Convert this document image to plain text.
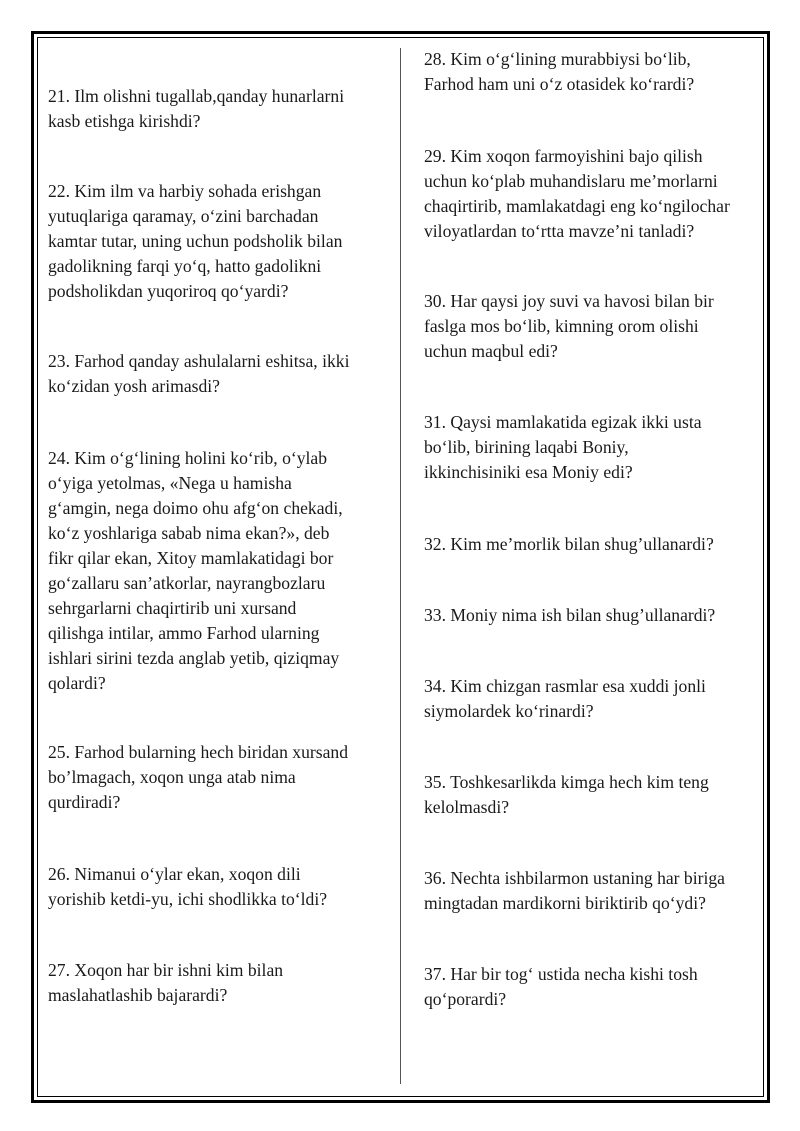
21. Ilm olishni tugallab,qanday hunarlarni
kasb etishga kirishdi?

22. Kim ilm va harbiy sohada erishgan
yutuqlariga qaramay, o‘zini barchadan
kamtar tutar, uning uchun podsholik bilan
gadolikning farqi yo‘q, hatto gadolikni
podsholikdan yuqoriroq qo‘yardi?

23. Farhod qanday ashulalarni eshitsa, ikki
ko‘zidan yosh arimasdi?

24. Kim o‘g‘lining holini ko‘rib, o‘ylab
o‘yiga yetolmas, «Nega u hamisha
g‘amgin, nega doimo ohu afg‘on chekadi,
ko‘z yoshlariga sabab nima ekan?», deb
fikr qilar ekan, Xitoy mamlakatidagi bor
go‘zallaru san’atkorlar, nayrangbozlaru
sehrgarlarni chaqirtirib uni xursand
qilishga intilar, ammo Farhod ularning
ishlari sirini tezda anglab yetib, qiziqmay
qolardi?

25. Farhod bularning hech biridan xursand
bo’lmagach, xoqon unga atab nima
qurdiradi?

26. Nimanui o‘ylar ekan, xoqon dili
yorishib ketdi-yu, ichi shodlikka to‘ldi?

27. Xoqon har bir ishni kim bilan
maslahatlashib bajarardi?

28. Kim o‘g‘lining murabbiysi bo‘lib,
Farhod ham uni o‘z otasidek ko‘rardi?

29. Kim xoqon farmoyishini bajo qilish
uchun ko‘plab muhandislaru me’morlarni
chaqirtirib, mamlakatdagi eng ko‘ngilochar
viloyatlardan to‘rtta mavze’ni tanladi?

30. Har qaysi joy suvi va havosi bilan bir
faslga mos bo‘lib, kimning orom olishi
uchun maqbul edi?

31. Qaysi mamlakatida egizak ikki usta
bo‘lib, birining laqabi Boniy,
ikkinchisiniki esa Moniy edi?

32. Kim me’morlik bilan shug’ullanardi?

33. Moniy nima ish bilan shug’ullanardi?

34. Kim chizgan rasmlar esa xuddi jonli
siymolardek ko‘rinardi?

35. Toshkesarlikda kimga hech kim teng
kelolmasdi?

36. Nechta ishbilarmon ustaning har biriga
mingtadan mardikorni biriktirib qo‘ydi?

37. Har bir tog‘ ustida necha kishi tosh
qo‘porardi?
